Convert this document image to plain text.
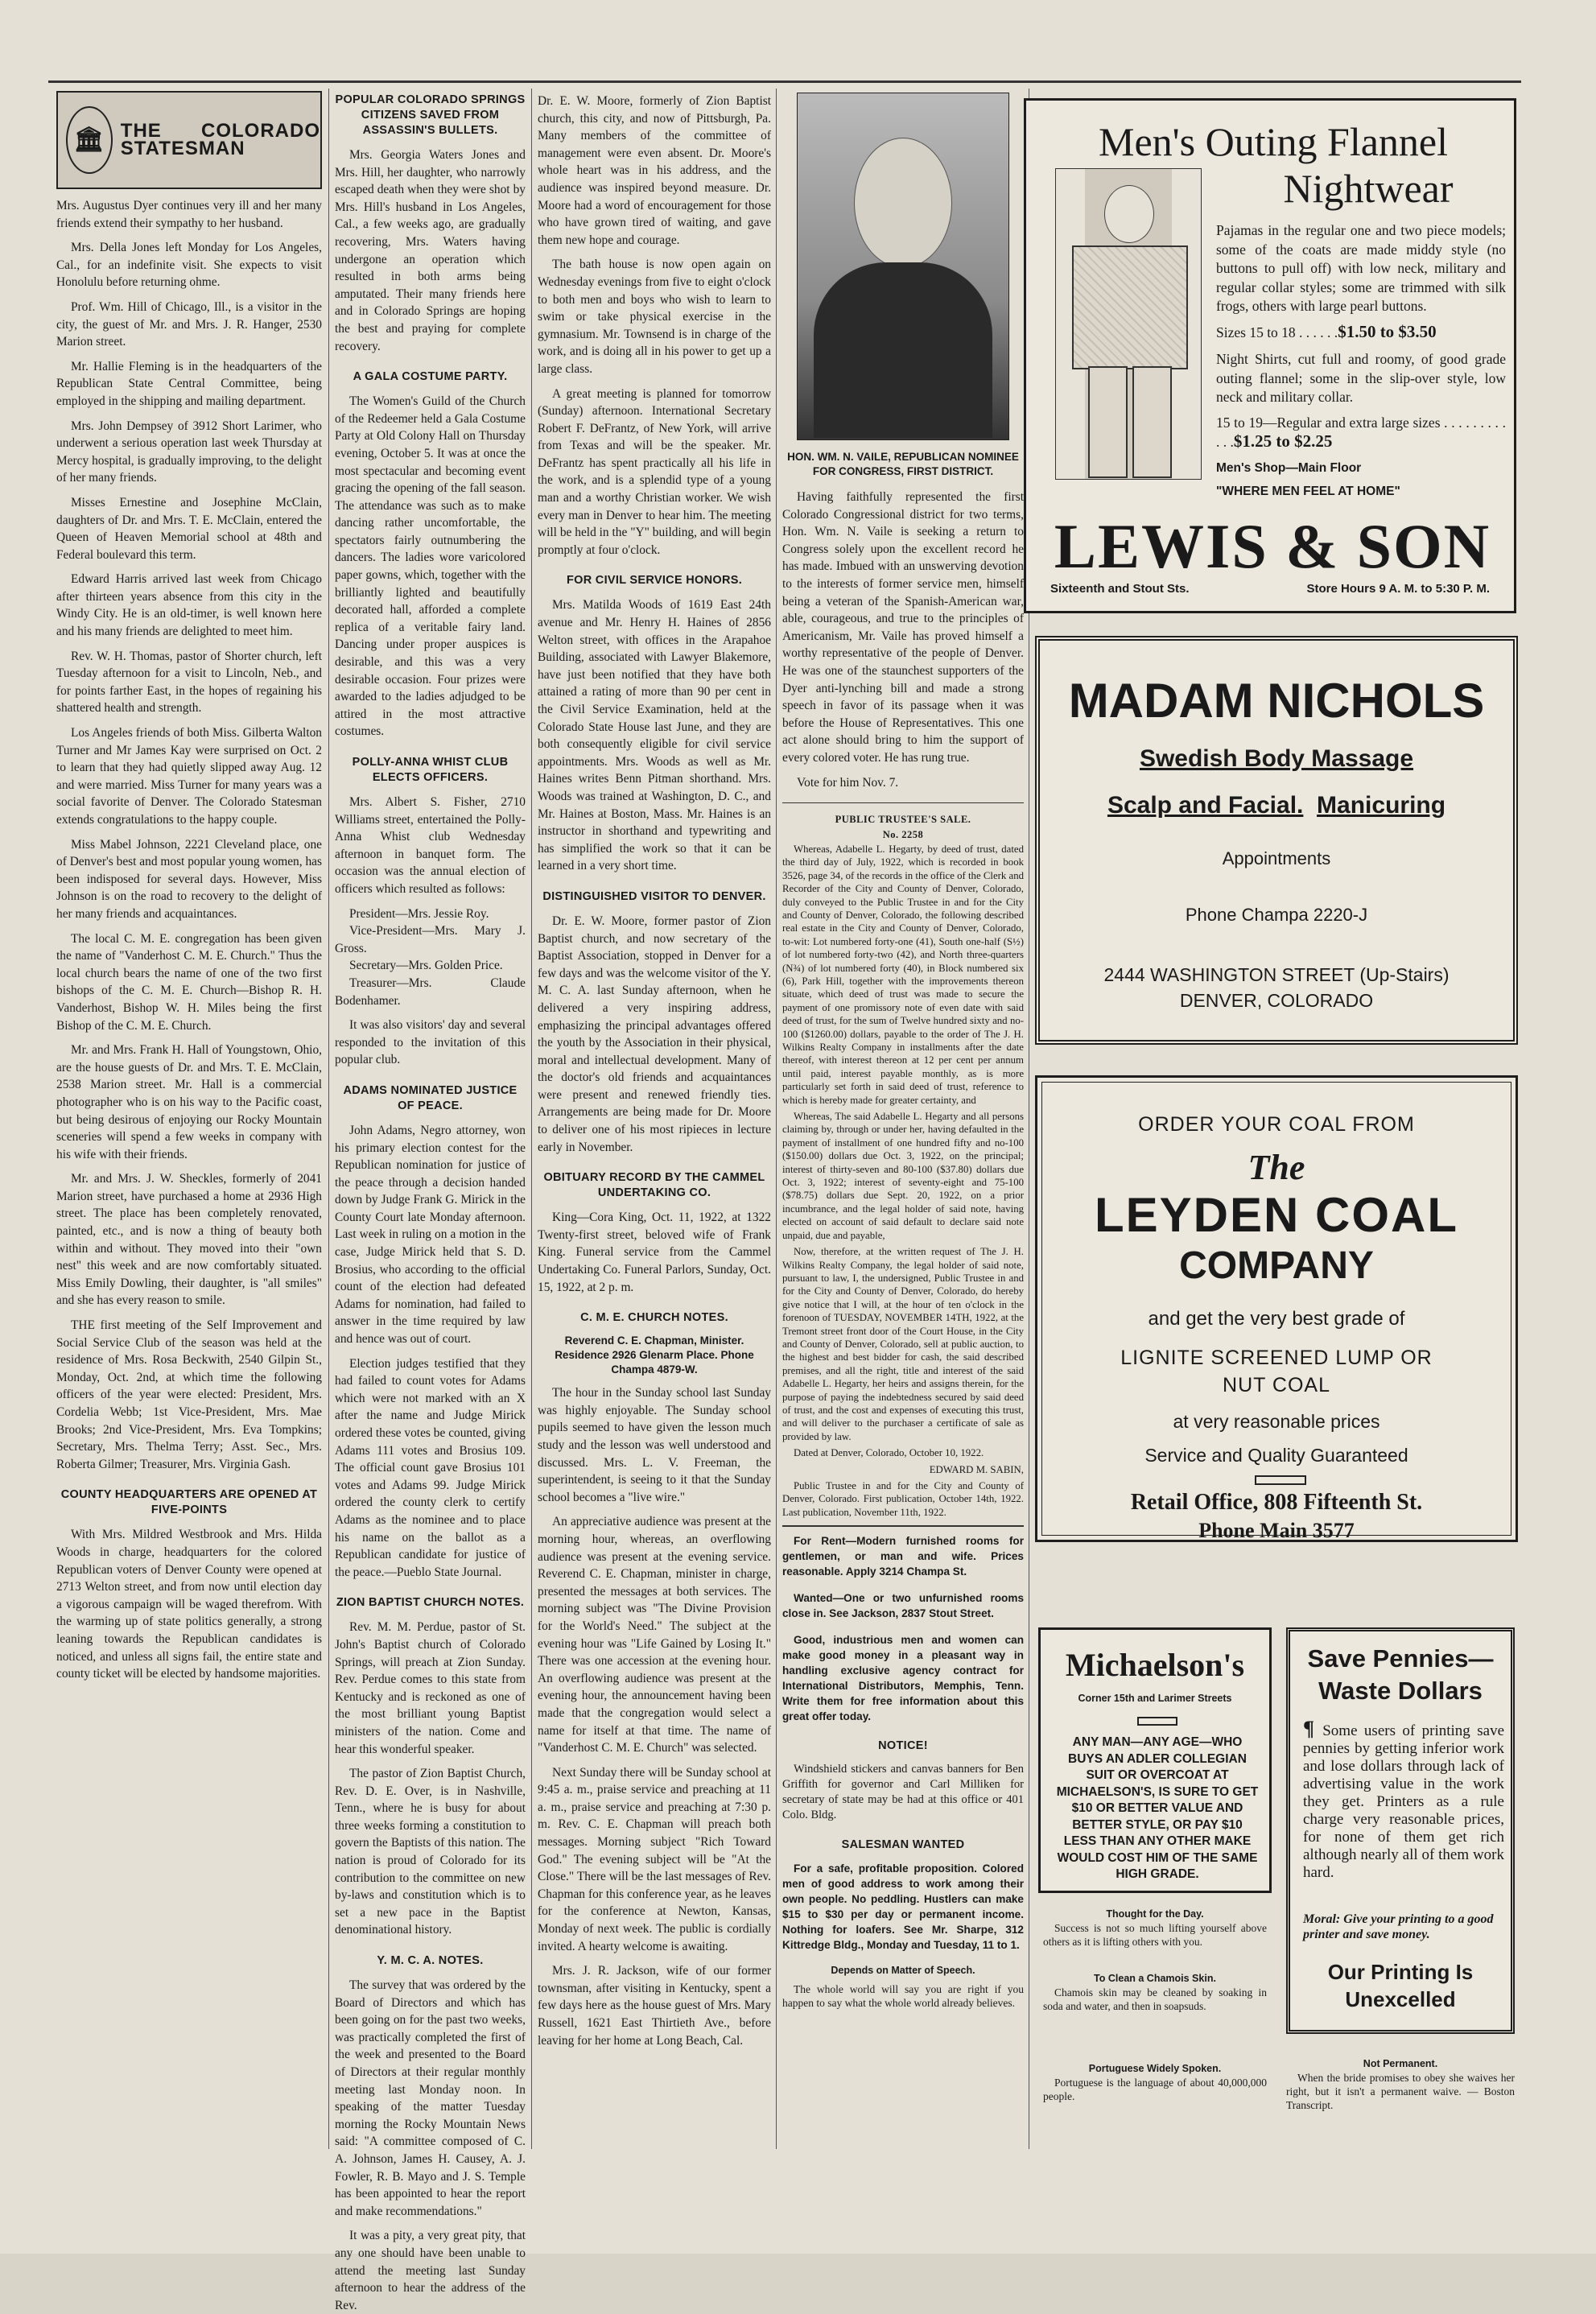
🏛 THE COLORADO STATESMAN

Mrs. Augustus Dyer continues very ill and her many friends extend their sympathy to her husband.

Mrs. Della Jones left Monday for Los Angeles, Cal., for an indefinite visit. She expects to visit Honolulu before returning ohme.

Prof. Wm. Hill of Chicago, Ill., is a visitor in the city, the guest of Mr. and Mrs. J. R. Hanger, 2530 Marion street.

Mr. Hallie Fleming is in the headquarters of the Republican State Central Committee, being employed in the shipping and mailing department.

Mrs. John Dempsey of 3912 Short Larimer, who underwent a serious operation last week Thursday at Mercy hospital, is gradually improving, to the delight of her many friends.

Misses Ernestine and Josephine McClain, daughters of Dr. and Mrs. T. E. McClain, entered the Queen of Heaven Memorial school at 48th and Federal boulevard this term.

Edward Harris arrived last week from Chicago after thirteen years absence from this city in the Windy City. He is an old-timer, is well known here and his many friends are delighted to meet him.

Rev. W. H. Thomas, pastor of Shorter church, left Tuesday afternoon for a visit to Lincoln, Neb., and for points farther East, in the hopes of regaining his shattered health and strength.

Los Angeles friends of both Miss. Gilberta Walton Turner and Mr James Kay were surprised on Oct. 2 to learn that they had quietly slipped away Aug. 12 and were married. Miss Turner for many years was a social favorite of Denver. The Colorado Statesman extends congratulations to the happy couple.

Miss Mabel Johnson, 2221 Cleveland place, one of Denver's best and most popular young women, has been indisposed for several days. However, Miss Johnson is on the road to recovery to the delight of her many friends and acquaintances.

The local C. M. E. congregation has been given the name of "Vanderhost C. M. E. Church." Thus the local church bears the name of one of the two first bishops of the C. M. E. Church—Bishop R. H. Vanderhost, Bishop W. H. Miles being the first Bishop of the C. M. E. Church.

Mr. and Mrs. Frank H. Hall of Youngstown, Ohio, are the house guests of Dr. and Mrs. T. E. McClain, 2538 Marion street. Mr. Hall is a commercial photographer who is on his way to the Pacific coast, but being desirous of enjoying our Rocky Mountain sceneries will spend a few weeks in company with his wife with their friends.

Mr. and Mrs. J. W. Sheckles, formerly of 2041 Marion street, have purchased a home at 2936 High street. The place has been completely renovated, painted, etc., and is now a thing of beauty both within and without. They moved into their "own nest" this week and are now comfortably situated. Miss Emily Dowling, their daughter, is "all smiles" and she has every reason to smile.

THE first meeting of the Self Improvement and Social Service Club of the season was held at the residence of Mrs. Rosa Beckwith, 2540 Gilpin St., Monday, Oct. 2nd, at which time the following officers of the year were elected: President, Mrs. Cordelia Webb; 1st Vice-President, Mrs. Mae Brooks; 2nd Vice-President, Mrs. Eva Tompkins; Secretary, Mrs. Thelma Terry; Asst. Sec., Mrs. Roberta Gilmer; Treasurer, Mrs. Virginia Gash.

COUNTY HEADQUARTERS ARE OPENED AT FIVE-POINTS

With Mrs. Mildred Westbrook and Mrs. Hilda Woods in charge, headquarters for the colored Republican voters of Denver County were opened at 2713 Welton street, and from now until election day a vigorous campaign will be waged therefrom. With the warming up of state politics generally, a strong leaning towards the Republican candidates is noticed, and unless all signs fail, the entire state and county ticket will be elected by handsome majorities.

POPULAR COLORADO SPRINGS CITIZENS SAVED FROM ASSASSIN'S BULLETS.

Mrs. Georgia Waters Jones and Mrs. Hill, her daughter, who narrowly escaped death when they were shot by Mrs. Hill's husband in Los Angeles, Cal., a few weeks ago, are gradually recovering, Mrs. Waters having undergone an operation which resulted in both arms being amputated. Their many friends here and in Colorado Springs are hoping the best and praying for complete recovery.

A GALA COSTUME PARTY.

The Women's Guild of the Church of the Redeemer held a Gala Costume Party at Old Colony Hall on Thursday evening, October 5. It was at once the most spectacular and becoming event gracing the opening of the fall season. The attendance was such as to make dancing rather uncomfortable, the spectators fairly outnumbering the dancers. The ladies wore varicolored paper gowns, which, together with the brilliantly lighted and beautifully decorated hall, afforded a complete replica of a veritable fairy land. Dancing under proper auspices is desirable, and this was a very desirable occasion. Four prizes were awarded to the ladies adjudged to be attired in the most attractive costumes.

POLLY-ANNA WHIST CLUB ELECTS OFFICERS.

Mrs. Albert S. Fisher, 2710 Williams street, entertained the Polly-Anna Whist club Wednesday afternoon in banquet form. The occasion was the annual election of officers which resulted as follows:

President—Mrs. Jessie Roy.

Vice-President—Mrs. Mary J. Gross.

Secretary—Mrs. Golden Price.

Treasurer—Mrs. Claude Bodenhamer.

It was also visitors' day and several responded to the invitation of this popular club.

ADAMS NOMINATED JUSTICE OF PEACE.

John Adams, Negro attorney, won his primary election contest for the Republican nomination for justice of the peace through a decision handed down by Judge Frank G. Mirick in the County Court late Monday afternoon. Last week in ruling on a motion in the case, Judge Mirick held that S. D. Brosius, who according to the official count of the election had defeated Adams for nomination, had failed to answer in the time required by law and hence was out of court.

Election judges testified that they had failed to count votes for Adams which were not marked with an X after the name and Judge Mirick ordered these votes be counted, giving Adams 111 votes and Brosius 109. The official count gave Brosius 101 votes and Adams 99. Judge Mirick ordered the county clerk to certify Adams as the nominee and to place his name on the ballot as a Republican candidate for justice of the peace.—Pueblo State Journal.

ZION BAPTIST CHURCH NOTES.

Rev. M. M. Perdue, pastor of St. John's Baptist church of Colorado Springs, will preach at Zion Sunday. Rev. Perdue comes to this state from Kentucky and is reckoned as one of the most brilliant young Baptist ministers of the nation. Come and hear this wonderful speaker.

The pastor of Zion Baptist Church, Rev. D. E. Over, is in Nashville, Tenn., where he is busy for about three weeks forming a constitution to govern the Baptists of this nation. The nation is proud of Colorado for its contribution to the committee on new by-laws and constitution which is to set a new pace in the Baptist denominational history.

Y. M. C. A. NOTES.

The survey that was ordered by the Board of Directors and which has been going on for the past two weeks, was practically completed the first of the week and presented to the Board of Directors at their regular monthly meeting last Monday noon. In speaking of the matter Tuesday morning the Rocky Mountain News said: "A committee composed of C. A. Johnson, James H. Causey, A. J. Fowler, R. B. Mayo and J. S. Temple has been appointed to hear the report and make recommendations."

It was a pity, a very great pity, that any one should have been unable to attend the meeting last Sunday afternoon to hear the address of the Rev.

Dr. E. W. Moore, formerly of Zion Baptist church, this city, and now of Pittsburgh, Pa. Many members of the committee of management were even absent. Dr. Moore's whole heart was in his address, and the audience was inspired beyond measure. Dr. Moore had a word of encouragement for those who have grown tired of waiting, and gave them new hope and courage.

The bath house is now open again on Wednesday evenings from five to eight o'clock to both men and boys who wish to learn to swim or take physical exercise in the gymnasium. Mr. Townsend is in charge of the work, and is doing all in his power to get up a large class.

A great meeting is planned for tomorrow (Sunday) afternoon. International Secretary Robert F. DeFrantz, of New York, will arrive from Texas and will be the speaker. Mr. DeFrantz has spent practically all his life in the work, and is a splendid type of a young man and a worthy Christian worker. We wish every man in Denver to hear him. The meeting will be held in the "Y" building, and will begin promptly at four o'clock.

FOR CIVIL SERVICE HONORS.

Mrs. Matilda Woods of 1619 East 24th avenue and Mr. Henry H. Haines of 2856 Welton street, with offices in the Arapahoe Building, associated with Lawyer Blakemore, have just been notified that they have both attained a rating of more than 90 per cent in the Civil Service Examination, held at the Colorado State House last June, and they are both consequently eligible for civil service appointments. Mrs. Woods as well as Mr. Haines writes Benn Pitman shorthand. Mrs. Woods was trained at Washington, D. C., and Mr. Haines at Boston, Mass. Mr. Haines is an instructor in shorthand and typewriting and has simplified the work so that it can be learned in a very short time.

DISTINGUISHED VISITOR TO DENVER.

Dr. E. W. Moore, former pastor of Zion Baptist church, and now secretary of the Baptist Association, stopped in Denver for a few days and was the welcome visitor of the Y. M. C. A. last Sunday afternoon, when he delivered a very inspiring address, emphasizing the principal advantages offered the youth by the Association in their physical, moral and intellectual development. Many of the doctor's old friends and acquaintances were present and renewed friendly ties. Arrangements are being made for Dr. Moore to deliver one of his most ripieces in lecture early in November.

OBITUARY RECORD BY THE CAMMEL UNDERTAKING CO.

King—Cora King, Oct. 11, 1922, at 1322 Twenty-first street, beloved wife of Frank King. Funeral service from the Cammel Undertaking Co. Funeral Parlors, Sunday, Oct. 15, 1922, at 2 p. m.

C. M. E. CHURCH NOTES.

Reverend C. E. Chapman, Minister. Residence 2926 Glenarm Place. Phone Champa 4879-W.

The hour in the Sunday school last Sunday was highly enjoyable. The Sunday school pupils seemed to have given the lesson much study and the lesson was well understood and discussed. Mrs. L. V. Freeman, the superintendent, is seeing to it that the Sunday school becomes a "live wire."

An appreciative audience was present at the morning hour, whereas, an overflowing audience was present at the evening service. Reverend C. E. Chapman, minister in charge, presented the messages at both services. The morning subject was "The Divine Provision for the World's Need." The subject at the evening hour was "Life Gained by Losing It." There was one accession at the evening hour. An overflowing audience was present at the evening hour, the announcement having been made that the congregation would select a name for itself at that time. The name of "Vanderhost C. M. E. Church" was selected.

Next Sunday there will be Sunday school at 9:45 a. m., praise service and preaching at 11 a. m., praise service and preaching at 7:30 p. m. Rev. C. E. Chapman will preach both messages. Morning subject "Rich Toward God." The evening subject will be "At the Close." There will be the last messages of Rev. Chapman for this conference year, as he leaves for the conference at Newton, Kansas, Monday of next week. The public is cordially invited. A hearty welcome is awaiting.

Mrs. J. R. Jackson, wife of our former townsman, after visiting in Kentucky, spent a few days here as the house guest of Mrs. Mary Russell, 1621 East Thirtieth Ave., before leaving for her home at Long Beach, Cal.

HON. WM. N. VAILE, REPUBLICAN NOMINEE FOR CONGRESS, FIRST DISTRICT.

Having faithfully represented the first Colorado Congressional district for two terms, Hon. Wm. N. Vaile is seeking a return to Congress solely upon the excellent record he has made. Imbued with an unswerving devotion to the interests of former service men, himself being a veteran of the Spanish-American war, able, courageous, and true to the principles of Americanism, Mr. Vaile has proved himself a worthy representative of the people of Denver. He was one of the staunchest supporters of the Dyer anti-lynching bill and made a strong speech in favor of its passage when it was before the House of Representatives. This one act alone should bring to him the support of every colored voter. He has rung true.

Vote for him Nov. 7.

PUBLIC TRUSTEE'S SALE.
No. 2258

Whereas, Adabelle L. Hegarty, by deed of trust, dated the third day of July, 1922, which is recorded in book 3526, page 34, of the records in the office of the Clerk and Recorder of the City and County of Denver, Colorado, duly conveyed to the Public Trustee in and for the City and County of Denver, Colorado, the following described real estate in the City and County of Denver, Colorado, to-wit: Lot numbered forty-one (41), South one-half (S½) of lot numbered forty-two (42), and North three-quarters (N¾) of lot numbered forty (40), in Block numbered six (6), Park Hill, together with the improvements thereon situate, which deed of trust was made to secure the payment of one promissory note of even date with said deed of trust, for the sum of Twelve hundred sixty and no-100 ($1260.00) dollars, payable to the order of The J. H. Wilkins Realty Company in installments after the date thereof, with interest thereon at 12 per cent per annum until paid, interest payable monthly, as is more particularly set forth in said deed of trust, reference to which is hereby made for greater certainty, and

Whereas, The said Adabelle L. Hegarty and all persons claiming by, through or under her, having defaulted in the payment of installment of one hundred fifty and no-100 ($150.00) dollars due Oct. 3, 1922, on the principal; interest of thirty-seven and 80-100 ($37.80) dollars due Oct. 3, 1922; interest of seventy-eight and 75-100 ($78.75) dollars due Sept. 20, 1922, on a prior incumbrance, and the legal holder of said note, having elected on account of said default to declare said note unpaid, due and payable,

Now, therefore, at the written request of The J. H. Wilkins Realty Company, the legal holder of said note, pursuant to law, I, the undersigned, Public Trustee in and for the City and County of Denver, Colorado, do hereby give notice that I will, at the hour of ten o'clock in the forenoon of TUESDAY, NOVEMBER 14TH, 1922, at the Tremont street front door of the Court House, in the City and County of Denver, Colorado, sell at public auction, to the highest and best bidder for cash, the said described premises, and all the right, title and interest of the said Adabelle L. Hegarty, her heirs and assigns therein, for the purpose of paying the indebtedness secured by said deed of trust, and the cost and expenses of executing this trust, and will deliver to the purchaser a certificate of sale as provided by law.

Dated at Denver, Colorado, October 10, 1922.

EDWARD M. SABIN,

Public Trustee in and for the City and County of Denver, Colorado. First publication, October 14th, 1922. Last publication, November 11th, 1922.

For Rent—Modern furnished rooms for gentlemen, or man and wife. Prices reasonable. Apply 3214 Champa St.

Wanted—One or two unfurnished rooms close in. See Jackson, 2837 Stout Street.

Good, industrious men and women can make good money in a pleasant way in handling exclusive agency contract for International Distributors, Memphis, Tenn. Write them for free information about this great offer today.

NOTICE!

Windshield stickers and canvas banners for Ben Griffith for governor and Carl Milliken for secretary of state may be had at this office or 401 Colo. Bldg.

SALESMAN WANTED

For a safe, profitable proposition. Colored men of good address to work among their own people. No peddling. Hustlers can make $15 to $30 per day or permanent income. Nothing for loafers. See Mr. Sharpe, 312 Kittredge Bldg., Monday and Tuesday, 11 to 1.

Depends on Matter of Speech.

The whole world will say you are right if you happen to say what the whole world already believes.

Men's Outing Flannel
Nightwear
Pajamas in the regular one and two piece models; some of the coats are made middy style (no buttons to pull off) with low neck, military and regular collar styles; some are trimmed with silk frogs, others with large pearl buttons.
Sizes 15 to 18 . . . . . .$1.50 to $3.50
Night Shirts, cut full and roomy, of good grade outing flannel; some in the slip-over style, low neck and military collar.
15 to 19—Regular and extra large sizes . . . . . . . . . . . .$1.25 to $2.25
Men's Shop—Main Floor
"WHERE MEN FEEL AT HOME"
LEWIS & SON
Sixteenth and Stout Sts.	Store Hours 9 A. M. to 5:30 P. M.
MADAM NICHOLS
Swedish Body Massage
Scalp and Facial. Manicuring
Appointments
Phone Champa 2220-J
2444 WASHINGTON STREET (Up-Stairs)
DENVER, COLORADO
ORDER YOUR COAL FROM
The
LEYDEN COAL
COMPANY
and get the very best grade of
LIGNITE SCREENED LUMP OR
NUT COAL
at very reasonable prices
Service and Quality Guaranteed
Retail Office, 808 Fifteenth St.
Phone Main 3577
Michaelson's
Corner 15th and Larimer Streets
ANY MAN—ANY AGE—WHO BUYS AN ADLER COLLEGIAN SUIT OR OVERCOAT AT MICHAELSON'S, IS SURE TO GET $10 OR BETTER VALUE AND BETTER STYLE, OR PAY $10 LESS THAN ANY OTHER MAKE WOULD COST HIM OF THE SAME HIGH GRADE.
Save Pennies—
Waste Dollars
¶ Some users of printing save pennies by getting inferior work and lose dollars through lack of advertising value in the work they get. Printers as a rule charge very reasonable prices, for none of them get rich although nearly all of them work hard.
Moral: Give your printing to a good printer and save money.
Our Printing Is
Unexcelled
Thought for the Day.
Success is not so much lifting yourself above others as it is lifting others with you.
To Clean a Chamois Skin.
Chamois skin may be cleaned by soaking in soda and water, and then in soapsuds.
Portuguese Widely Spoken.
Portuguese is the language of about 40,000,000 people.
Not Permanent.
When the bride promises to obey she waives her right, but it isn't a permanent waive. — Boston Transcript.
